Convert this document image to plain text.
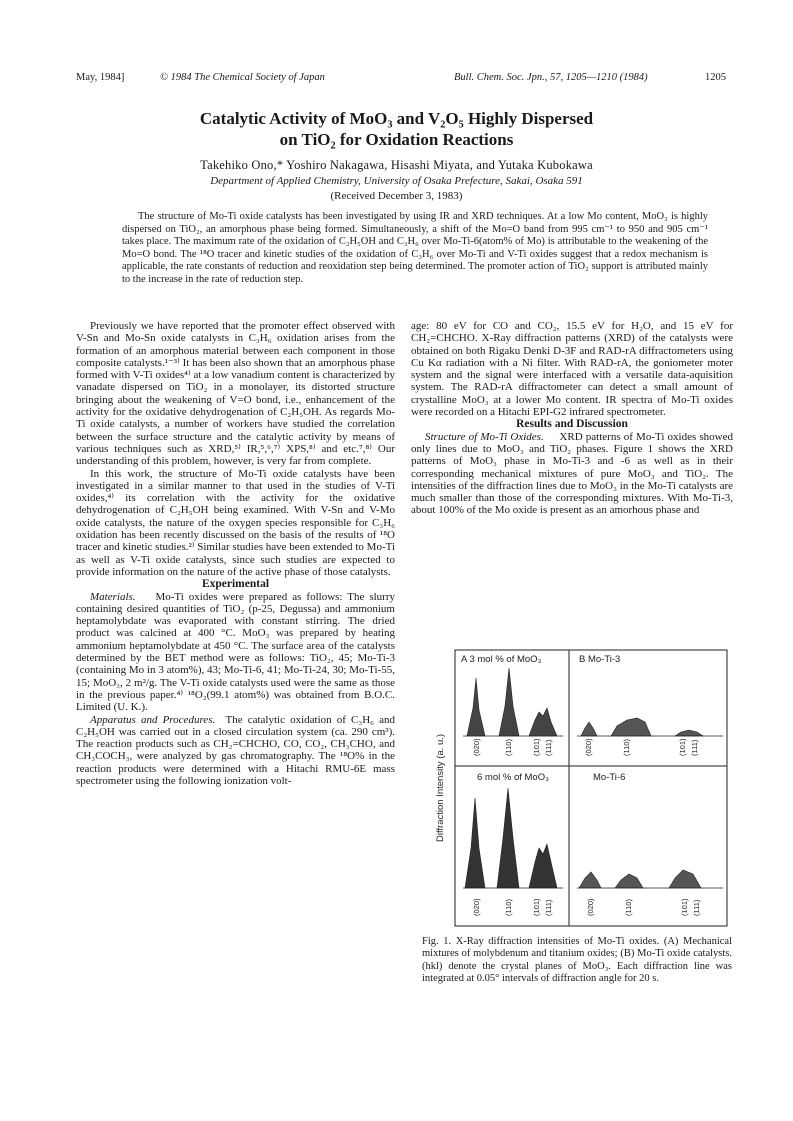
May, 1984]	© 1984 The Chemical Society of Japan	Bull. Chem. Soc. Jpn., 57, 1205—1210 (1984)	1205
Catalytic Activity of MoO₃ and V₂O₅ Highly Dispersed
on TiO₂ for Oxidation Reactions
Takehiko Ono,* Yoshiro Nakagawa, Hisashi Miyata, and Yutaka Kubokawa
Department of Applied Chemistry, University of Osaka Prefecture, Sakai, Osaka 591
(Received December 3, 1983)
The structure of Mo-Ti oxide catalysts has been investigated by using IR and XRD techniques. At a low Mo content, MoO₃ is highly dispersed on TiO₂, an amorphous phase being formed. Simultaneously, a shift of the Mo=O band from 995 cm⁻¹ to 950 and 905 cm⁻¹ takes place. The maximum rate of the oxidation of C₂H₅OH and C₃H₆ over Mo-Ti-6(atom% of Mo) is attributable to the weakening of the Mo=O bond. The ¹⁸O tracer and kinetic studies of the oxidation of C₃H₆ over Mo-Ti and V-Ti oxides suggest that a redox mechanism is applicable, the rate constants of reduction and reoxidation step being determined. The promoter action of TiO₂ support is attributed mainly to the increase in the rate of reduction step.

Previously we have reported that the promoter effect observed with V-Sn and Mo-Sn oxide catalysts in C₃H₆ oxidation arises from the formation of an amorphous material between each component in those composite catalysts.¹⁻³⁾ It has been also shown that an amorphous phase formed with V-Ti oxides⁴⁾ at a low vanadium content is characterized by vanadate dispersed on TiO₂ in a monolayer, its distorted structure bringing about the weakening of V=O bond, i.e., enhancement of the activity for the oxidative dehydrogenation of C₂H₅OH. As regards Mo-Ti oxide catalysts, a number of workers have studied the correlation between the surface structure and the catalytic activity by means of various techniques such as XRD,⁵⁾ IR,⁵,⁶,⁷⁾ XPS,⁸⁾ and etc.⁷,⁸⁾ Our understanding of this problem, however, is very far from complete.

In this work, the structure of Mo-Ti oxide catalysts have been investigated in a similar manner to that used in the studies of V-Ti oxides,⁴⁾ its correlation with the activity for the oxidative dehydrogenation of C₂H₅OH being examined. With V-Sn and V-Mo oxide catalysts, the nature of the oxygen species responsible for C₃H₆ oxidation has been recently discussed on the basis of the results of ¹⁸O tracer and kinetic studies.²⁾ Similar studies have been extended to Mo-Ti as well as V-Ti oxide catalysts, since such studies are expected to provide information on the nature of the active phase of those catalysts.

Experimental

Materials. Mo-Ti oxides were prepared as follows: The slurry containing desired quantities of TiO₂ (p-25, Degussa) and ammonium heptamolybdate was evaporated with constant stirring. The dried product was calcined at 400 °C. MoO₃ was prepared by heating ammonium heptamolybdate at 450 °C. The surface area of the catalysts determined by the BET method were as follows: TiO₂, 45; Mo-Ti-3 (containing Mo in 3 atom%), 43; Mo-Ti-6, 41; Mo-Ti-24, 30; Mo-Ti-55, 15; MoO₃, 2 m²/g. The V-Ti oxide catalysts used were the same as those in the previous paper.⁴⁾ ¹⁸O₂(99.1 atom%) was obtained from B.O.C. Limited (U. K.).

Apparatus and Procedures. The catalytic oxidation of C₃H₆ and C₂H₅OH was carried out in a closed circulation system (ca. 290 cm³). The reaction products such as CH₂=CHCHO, CO, CO₂, CH₃CHO, and CH₃COCH₃, were analyzed by gas chromatography. The ¹⁸O% in the reaction products were determined with a Hitachi RMU-6E mass spectrometer using the following ionization volt-

age: 80 eV for CO and CO₂, 15.5 eV for H₂O, and 15 eV for CH₂=CHCHO. X-Ray diffraction patterns (XRD) of the catalysts were obtained on both Rigaku Denki D-3F and RAD-rA diffractometers using Cu Kα radiation with a Ni filter. With RAD-rA, the goniometer moter system and the signal were interfaced with a versatile data-aquisition system. The RAD-rA diffractometer can detect a small amount of crystalline MoO₃ at a lower Mo content. IR spectra of Mo-Ti oxides were recorded on a Hitachi EPI-G2 infrared spectrometer.

Results and Discussion

Structure of Mo-Ti Oxides. XRD patterns of Mo-Ti oxides showed only lines due to MoO₃ and TiO₂ phases. Figure 1 shows the XRD patterns of MoO₃ phase in Mo-Ti-3 and -6 as well as in their corresponding mechanical mixtures of pure MoO₃ and TiO₂. The intensities of the diffraction lines due to MoO₃ in the Mo-Ti catalysts are much smaller than those of the corresponding mixtures. With Mo-Ti-3, about 100% of the Mo oxide is present as an amorhous phase and

Diffraction Intensity (a. u.)
A 3 mol % of MoO₃	B Mo-Ti-3
6 mol % of MoO₃	Mo-Ti-6
(020)	(110)	(101) (111)	(020)	(110)	(101) (111)
(020)	(110)	(101) (111)	(020)	(110)	(101) (111)
Fig. 1. X-Ray diffraction intensities of Mo-Ti oxides. (A) Mechanical mixtures of molybdenum and titanium oxides; (B) Mo-Ti oxide catalysts. (hkl) denote the crystal planes of MoO₃. Each diffraction line was integrated at 0.05° intervals of diffraction angle for 20 s.
